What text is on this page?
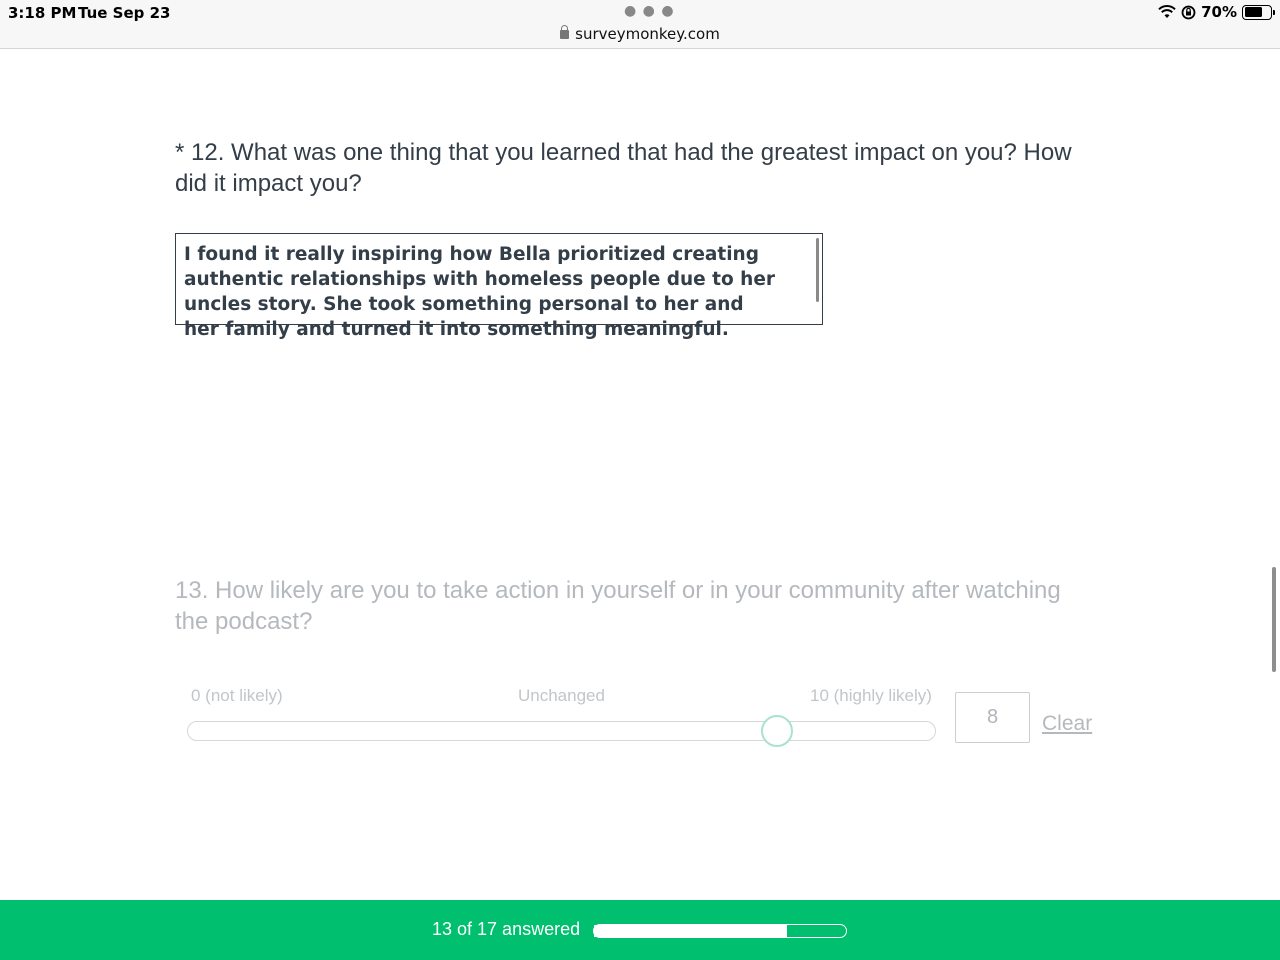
3:18 PM Tue Sep 23	● ● ●
surveymonkey.com
70%
* 12. What was one thing that you learned that had the greatest impact on you? How did it impact you?
I found it really inspiring how Bella prioritized creating authentic relationships with homeless people due to her uncles story. She took something personal to her and her family and turned it into something meaningful.
13. How likely are you to take action in yourself or in your community after watching the podcast?
0 (not likely)	Unchanged	10 (highly likely)
8	Clear
13 of 17 answered
